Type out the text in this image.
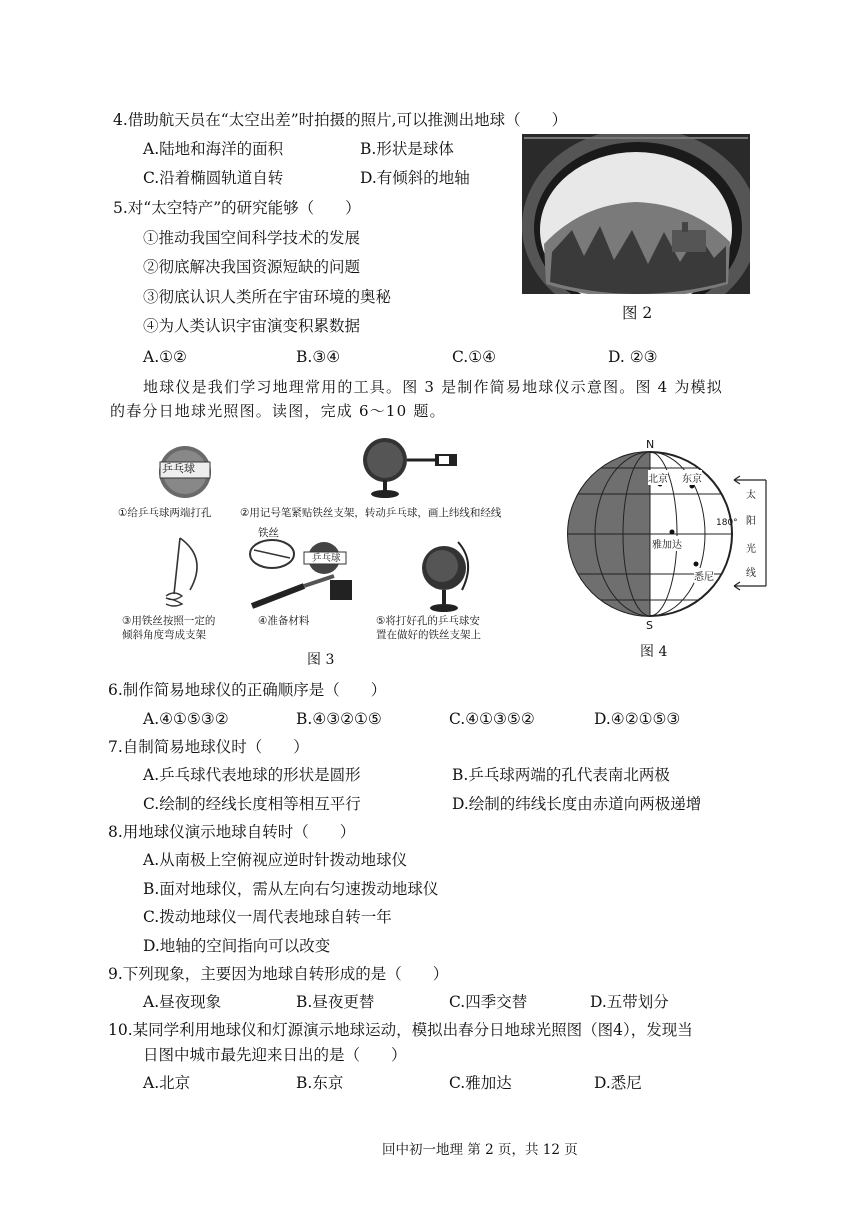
4.借助航天员在“太空出差”时拍摄的照片,可以推测出地球（　　）
A.陆地和海洋的面积	B.形状是球体
C.沿着椭圆轨道自转	D.有倾斜的地轴
图 2
5.对“太空特产”的研究能够（　　）
①推动我国空间科学技术的发展
②彻底解决我国资源短缺的问题
③彻底认识人类所在宇宙环境的奥秘
④为人类认识宇宙演变积累数据
A.①②	B.③④	C.①④	D. ②③
地球仪是我们学习地理常用的工具。图 3 是制作简易地球仪示意图。图 4 为模拟
的春分日地球光照图。读图，完成 6～10 题。
乒乓球
①给乒乓球两端打孔	②用记号笔紧贴铁丝支架，转动乒乓球，画上纬线和经线
③用铁丝按照一定的
倾斜角度弯成支架
铁丝
乒乓球
④准备材料	⑤将打好孔的乒乓球安
置在做好的铁丝支架上
图 3
N
S
北京 东京
雅加达
悉尼
180°
太
阳
光
线
图 4
6.制作简易地球仪的正确顺序是（　　）
A.④①⑤③②	B.④③②①⑤	C.④①③⑤②	D.④②①⑤③
7.自制简易地球仪时（　　）
A.乒乓球代表地球的形状是圆形	B.乒乓球两端的孔代表南北两极
C.绘制的经线长度相等相互平行	D.绘制的纬线长度由赤道向两极递增
8.用地球仪演示地球自转时（　　）
A.从南极上空俯视应逆时针拨动地球仪
B.面对地球仪，需从左向右匀速拨动地球仪
C.拨动地球仪一周代表地球自转一年
D.地轴的空间指向可以改变
9.下列现象，主要因为地球自转形成的是（　　）
A.昼夜现象	B.昼夜更替	C.四季交替	D.五带划分
10.某同学利用地球仪和灯源演示地球运动，模拟出春分日地球光照图（图4），发现当
日图中城市最先迎来日出的是（　　）
A.北京	B.东京	C.雅加达	D.悉尼
回中初一地理 第 2 页，共 12 页
